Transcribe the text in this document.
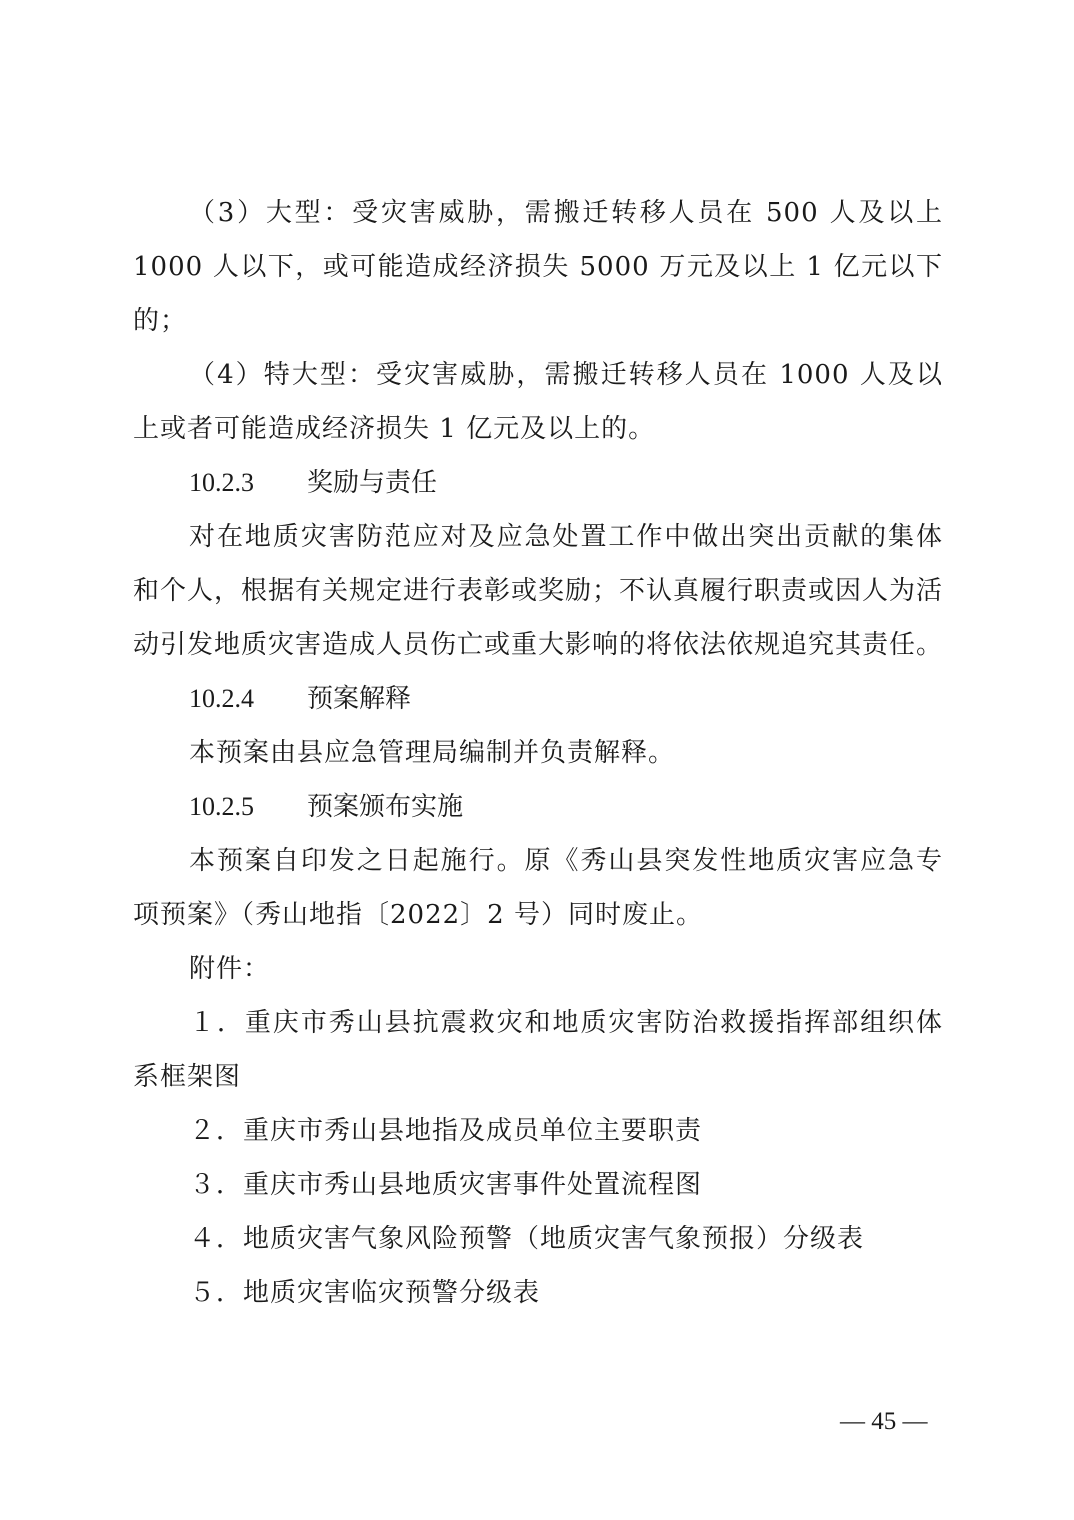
（3）大型：受灾害威胁，需搬迁转移人员在 500 人及以上 1000 人以下，或可能造成经济损失 5000 万元及以上 1 亿元以下的；

（4）特大型：受灾害威胁，需搬迁转移人员在 1000 人及以上或者可能造成经济损失 1 亿元及以上的。

10.2.3 奖励与责任

对在地质灾害防范应对及应急处置工作中做出突出贡献的集体和个人，根据有关规定进行表彰或奖励；不认真履行职责或因人为活动引发地质灾害造成人员伤亡或重大影响的将依法依规追究其责任。

10.2.4 预案解释

本预案由县应急管理局编制并负责解释。

10.2.5 预案颁布实施

本预案自印发之日起施行。原《秀山县突发性地质灾害应急专项预案》（秀山地指〔2022〕2 号）同时废止。

附件：

１．重庆市秀山县抗震救灾和地质灾害防治救援指挥部组织体系框架图

２．重庆市秀山县地指及成员单位主要职责

３．重庆市秀山县地质灾害事件处置流程图

４．地质灾害气象风险预警（地质灾害气象预报）分级表

５．地质灾害临灾预警分级表

— 45 —
